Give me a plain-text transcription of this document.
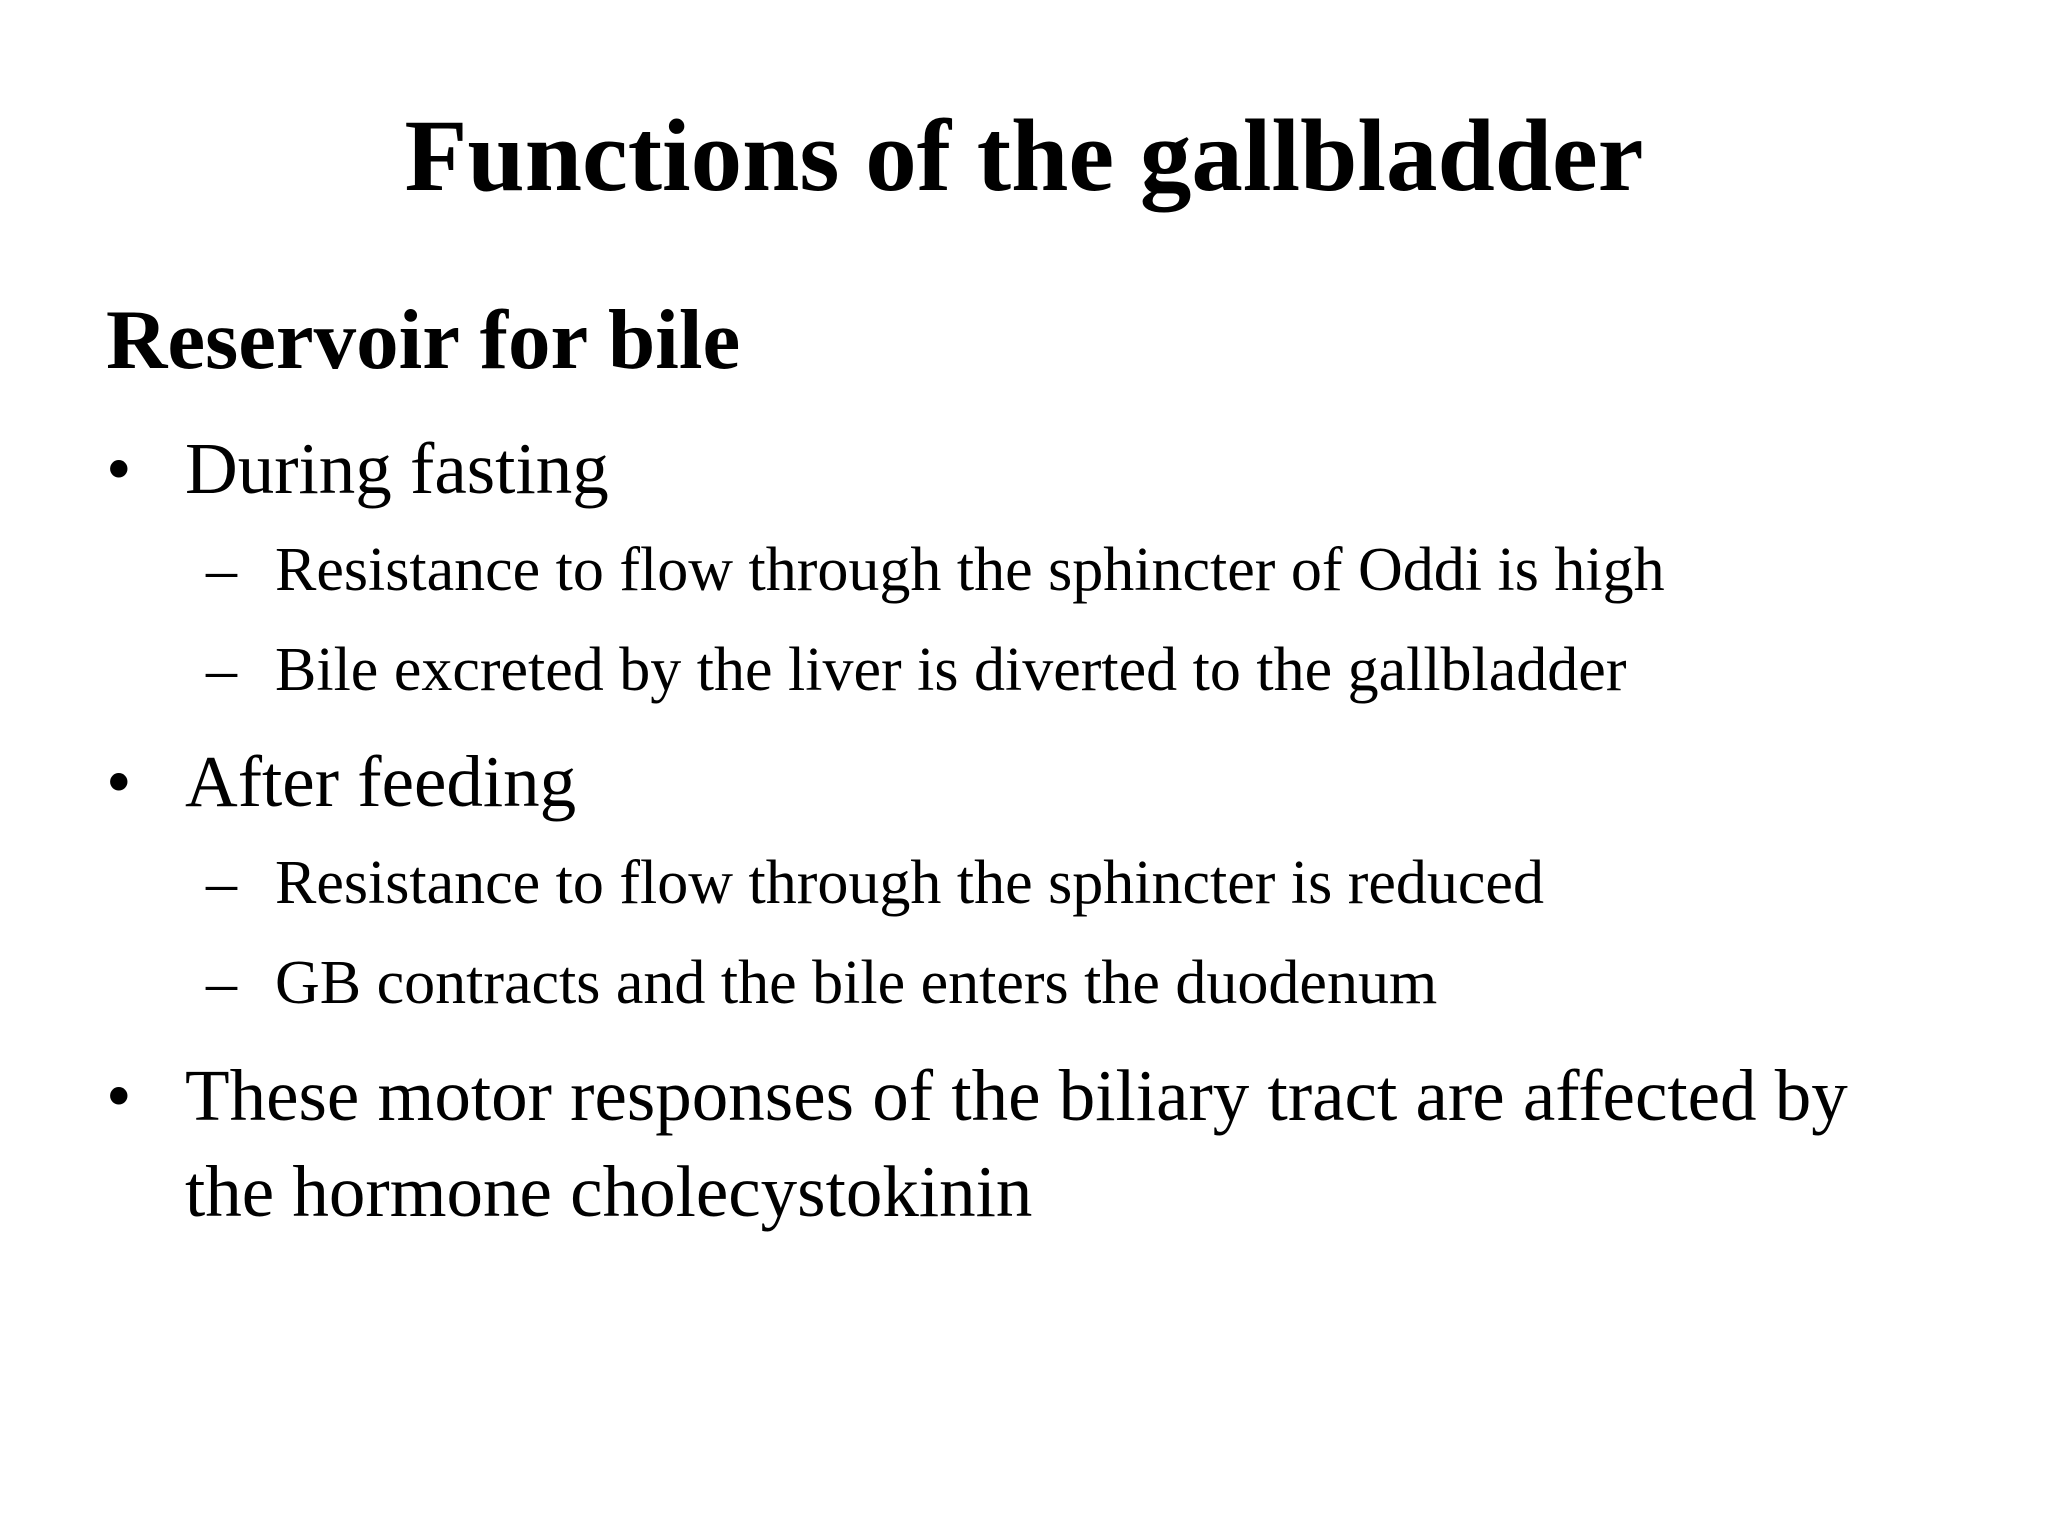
Functions of the gallbladder
Reservoir for bile
• During fasting
– Resistance to flow through the sphincter of Oddi is high
– Bile excreted by the liver is diverted to the gallbladder
• After feeding
– Resistance to flow through the sphincter is reduced
– GB contracts and the bile enters the duodenum
• These motor responses of the biliary tract are affected by
the hormone cholecystokinin
